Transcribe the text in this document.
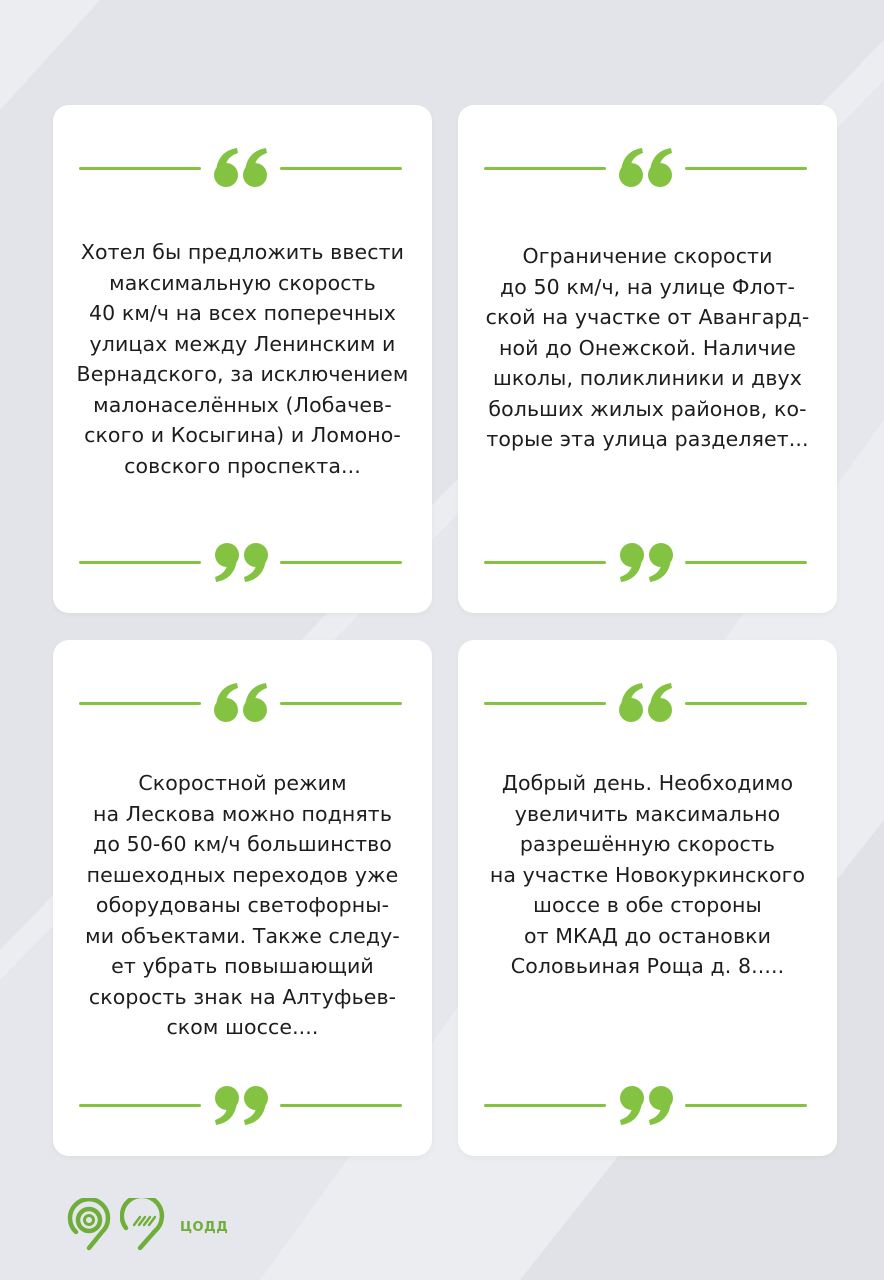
Хотел бы предложить ввести
максимальную скорость
40 км/ч на всех поперечных
улицах между Ленинским и
Вернадского, за исключением
малонаселённых (Лобачев-
ского и Косыгина) и Ломоно-
совского проспекта...
Ограничение скорости
до 50 км/ч, на улице Флот-
ской на участке от Авангард-
ной до Онежской. Наличие
школы, поликлиники и двух
больших жилых районов, ко-
торые эта улица разделяет...
Скоростной режим
на Лескова можно поднять
до 50-60 км/ч большинство
пешеходных переходов уже
оборудованы светофорны-
ми объектами. Также следу-
ет убрать повышающий
скорость знак на Алтуфьев-
ском шоссе....
Добрый день. Необходимо
увеличить максимально
разрешённую скорость
на участке Новокуркинского
шоссе в обе стороны
от МКАД до остановки
Соловьиная Роща д. 8.....
ЦОДД
